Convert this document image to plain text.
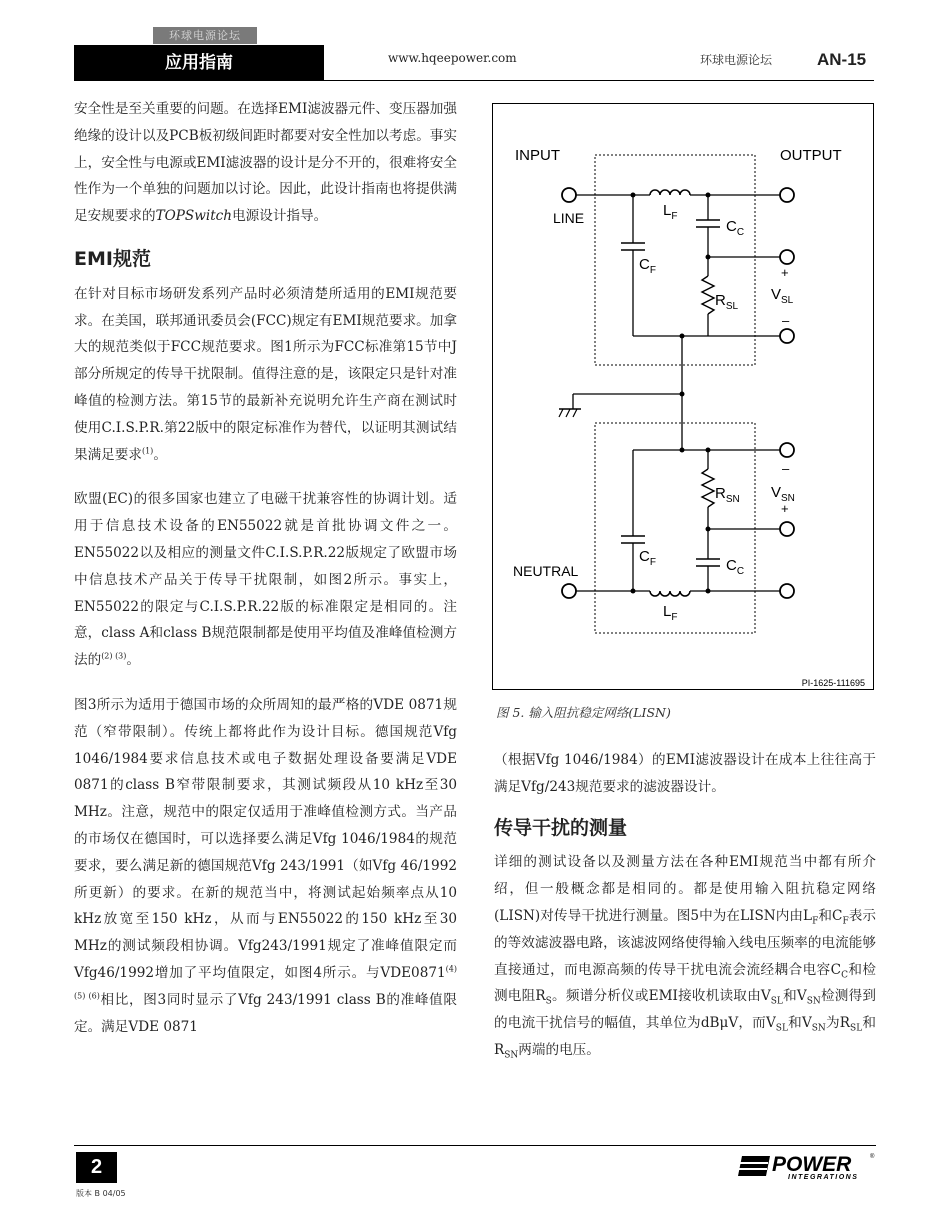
环球电源论坛
应用指南	www.hqeepower.com	环球电源论坛	AN-15

安全性是至关重要的问题。在选择EMI滤波器元件、变压器加强绝缘的设计以及PCB板初级间距时都要对安全性加以考虑。事实上，安全性与电源或EMI滤波器的设计是分不开的，很难将安全性作为一个单独的问题加以讨论。因此，此设计指南也将提供满足安规要求的TOPSwitch电源设计指导。

EMI规范

在针对目标市场研发系列产品时必须清楚所适用的EMI规范要求。在美国，联邦通讯委员会(FCC)规定有EMI规范要求。加拿大的规范类似于FCC规范要求。图1所示为FCC标准第15节中J部分所规定的传导干扰限制。值得注意的是，该限定只是针对准峰值的检测方法。第15节的最新补充说明允许生产商在测试时使用C.I.S.P.R.第22版中的限定标准作为替代，以证明其测试结果满足要求$^{(1)}$。

欧盟(EC)的很多国家也建立了电磁干扰兼容性的协调计划。适用于信息技术设备的EN55022就是首批协调文件之一。EN55022以及相应的测量文件C.I.S.P.R.22版规定了欧盟市场中信息技术产品关于传导干扰限制，如图2所示。事实上，EN55022的限定与C.I.S.P.R.22版的标准限定是相同的。注意，class A和class B规范限制都是使用平均值及准峰值检测方法的$^{(2) (3)}$。

图3所示为适用于德国市场的众所周知的最严格的VDE 0871规范（窄带限制）。传统上都将此作为设计目标。德国规范Vfg 1046/1984要求信息技术或电子数据处理设备要满足VDE 0871的class B窄带限制要求，其测试频段从10 kHz至30 MHz。注意，规范中的限定仅适用于准峰值检测方式。当产品的市场仅在德国时，可以选择要么满足Vfg 1046/1984的规范要求，要么满足新的德国规范Vfg 243/1991（如Vfg 46/1992所更新）的要求。在新的规范当中，将测试起始频率点从10 kHz放宽至150 kHz，从而与EN55022的150 kHz至30 MHz的测试频段相协调。Vfg243/1991规定了准峰值限定而Vfg46/1992增加了平均值限定，如图4所示。与$VDE0871^{(4) (5) (6)}$相比，图3同时显示了Vfg 243/1991 class B的准峰值限定。满足VDE 0871

INPUT	OUTPUT
LINE
NEUTRAL
$L_F$
$C_F$
$C_C$
$R_{SL}$
+
$V_{SL}$
–
$R_{SN}$
–
$V_{SN}$
+
$C_F$	$C_C$
$L_F$
PI-1625-111695
图 5. 输入阻抗稳定网络(LISN)

（根据Vfg 1046/1984）的EMI滤波器设计在成本上往往高于满足Vfg/243规范要求的滤波器设计。

传导干扰的测量

详细的测试设备以及测量方法在各种EMI规范当中都有所介绍，但一般概念都是相同的。都是使用输入阻抗稳定网络(LISN)对传导干扰进行测量。图5中为在LISN内由$L_F$和$C_F$表示的等效滤波器电路，该滤波网络使得输入线电压频率的电流能够直接通过，而电源高频的传导干扰电流会流经耦合电容$C_C$和检测电阻$R_S$。频谱分析仪或EMI接收机读取由$V_{SL}$和$V_{SN}$检测得到的电流干扰信号的幅值，其单位为dBμV，而$V_{SL}$和$V_{SN}$为$R_{SL}$和$R_{SN}$两端的电压。

2
版本 B 04/05
POWER
INTEGRATIONS
®
